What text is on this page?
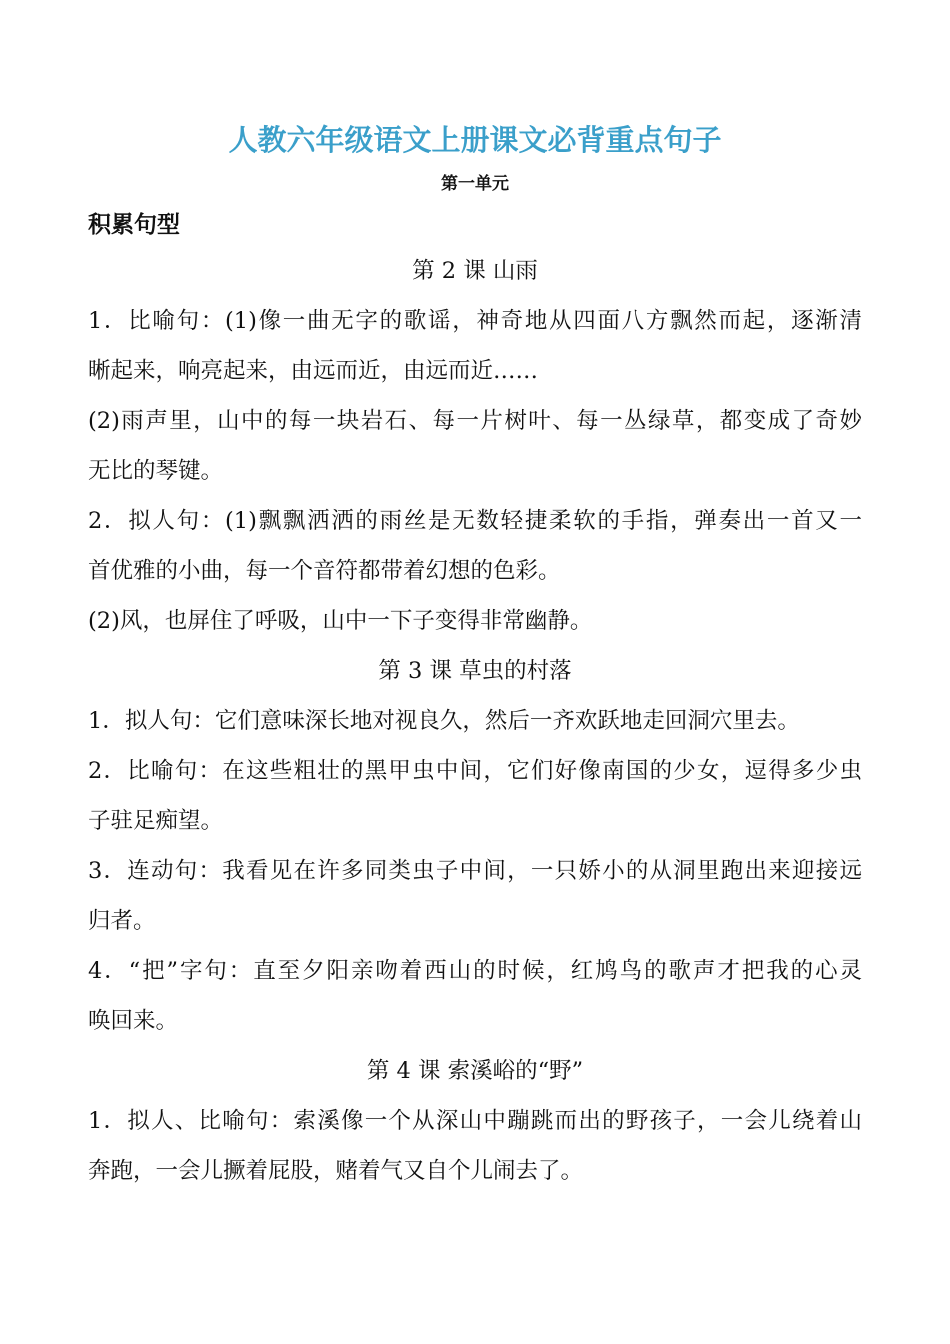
人教六年级语文上册课文必背重点句子
第一单元
积累句型
第 2 课 山雨
1．比喻句：(1)像一曲无字的歌谣，神奇地从四面八方飘然而起，逐渐清
晰起来，响亮起来，由远而近，由远而近……
(2)雨声里，山中的每一块岩石、每一片树叶、每一丛绿草，都变成了奇妙
无比的琴键。
2．拟人句：(1)飘飘洒洒的雨丝是无数轻捷柔软的手指，弹奏出一首又一
首优雅的小曲，每一个音符都带着幻想的色彩。
(2)风，也屏住了呼吸，山中一下子变得非常幽静。
第 3 课 草虫的村落
1．拟人句：它们意味深长地对视良久，然后一齐欢跃地走回洞穴里去。
2．比喻句：在这些粗壮的黑甲虫中间，它们好像南国的少女，逗得多少虫
子驻足痴望。
3．连动句：我看见在许多同类虫子中间，一只娇小的从洞里跑出来迎接远
归者。
4．“把”字句：直至夕阳亲吻着西山的时候，红鸠鸟的歌声才把我的心灵
唤回来。
第 4 课 索溪峪的“野”
1．拟人、比喻句：索溪像一个从深山中蹦跳而出的野孩子，一会儿绕着山
奔跑，一会儿撅着屁股，赌着气又自个儿闹去了。
